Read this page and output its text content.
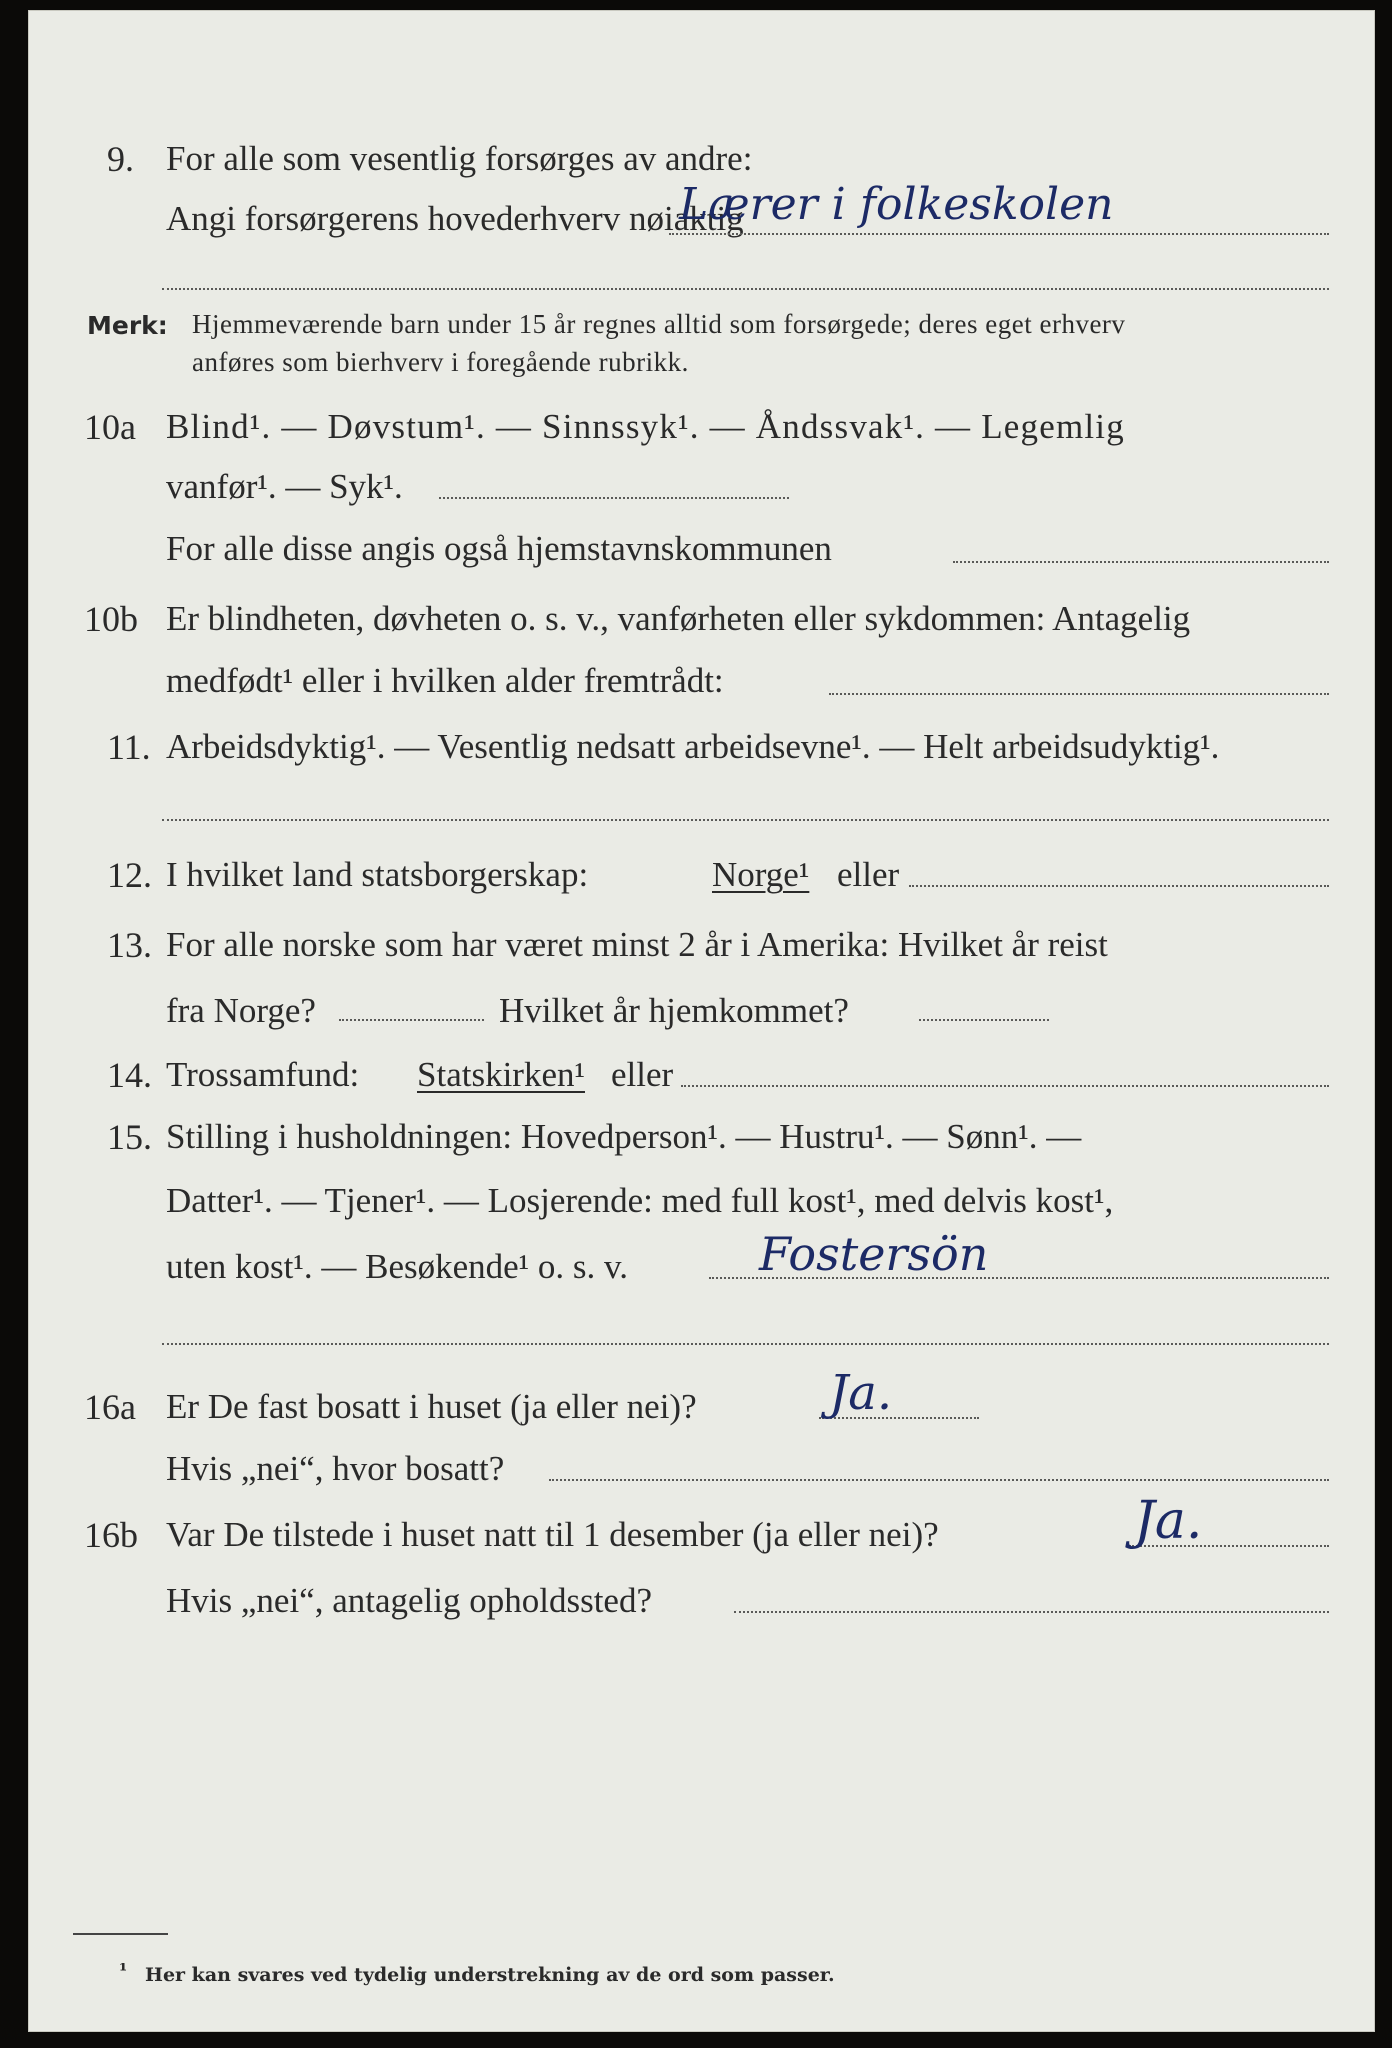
9. For alle som vesentlig forsørges av andre:
Angi forsørgerens hovederhverv nøiaktig
Lærer i folkeskolen
Merk: Hjemmeværende barn under 15 år regnes alltid som forsørgede; deres eget erhverv
anføres som bierhverv i foregående rubrikk.
10a Blind¹. — Døvstum¹. — Sinnssyk¹. — Åndssvak¹. — Legemlig
vanfør¹. — Syk¹.
For alle disse angis også hjemstavnskommunen
10b Er blindheten, døvheten o. s. v., vanførheten eller sykdommen: Antagelig
medfødt¹ eller i hvilken alder fremtrådt:
11. Arbeidsdyktig¹. — Vesentlig nedsatt arbeidsevne¹. — Helt arbeidsudyktig¹.
12. I hvilket land statsborgerskap:	Norge¹ eller
13. For alle norske som har været minst 2 år i Amerika: Hvilket år reist
fra Norge?	Hvilket år hjemkommet?
14. Trossamfund: Statskirken¹ eller
15. Stilling i husholdningen: Hovedperson¹. — Hustru¹. — Sønn¹. —
Datter¹. — Tjener¹. — Losjerende: med full kost¹, med delvis kost¹,
uten kost¹. — Besøkende¹ o. s. v.	Fostersön
16a Er De fast bosatt i huset (ja eller nei)?	Ja.
Hvis „nei“, hvor bosatt?
16b Var De tilstede i huset natt til 1 desember (ja eller nei)?	Ja.
Hvis „nei“, antagelig opholdssted?
¹ Her kan svares ved tydelig understrekning av de ord som passer.
